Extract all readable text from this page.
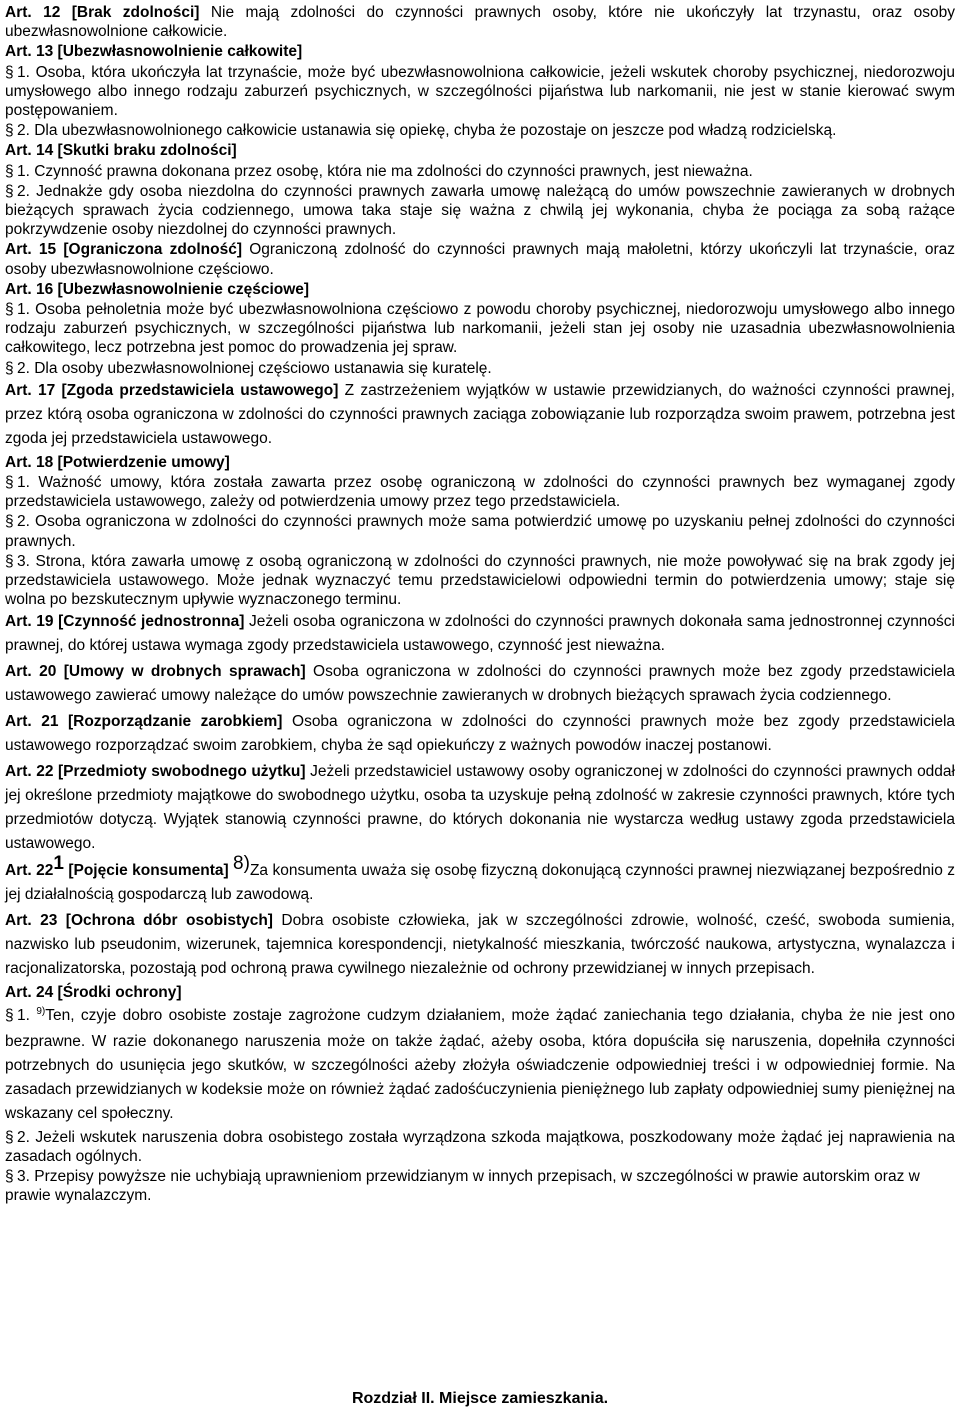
Art. 12 [Brak zdolności] Nie mają zdolności do czynności prawnych osoby, które nie ukończyły lat trzynastu, oraz osoby ubezwłasnowolnione całkowicie.

Art. 13 [Ubezwłasnowolnienie całkowite]

§ 1. Osoba, która ukończyła lat trzynaście, może być ubezwłasnowolniona całkowicie, jeżeli wskutek choroby psychicznej, niedorozwoju umysłowego albo innego rodzaju zaburzeń psychicznych, w szczególności pijaństwa lub narkomanii, nie jest w stanie kierować swym postępowaniem.

§ 2. Dla ubezwłasnowolnionego całkowicie ustanawia się opiekę, chyba że pozostaje on jeszcze pod władzą rodzicielską.

Art. 14 [Skutki braku zdolności]

§ 1. Czynność prawna dokonana przez osobę, która nie ma zdolności do czynności prawnych, jest nieważna.

§ 2. Jednakże gdy osoba niezdolna do czynności prawnych zawarła umowę należącą do umów powszechnie zawieranych w drobnych bieżących sprawach życia codziennego, umowa taka staje się ważna z chwilą jej wykonania, chyba że pociąga za sobą rażące pokrzywdzenie osoby niezdolnej do czynności prawnych.

Art. 15 [Ograniczona zdolność] Ograniczoną zdolność do czynności prawnych mają małoletni, którzy ukończyli lat trzynaście, oraz osoby ubezwłasnowolnione częściowo.

Art. 16 [Ubezwłasnowolnienie częściowe]

§ 1. Osoba pełnoletnia może być ubezwłasnowolniona częściowo z powodu choroby psychicznej, niedorozwoju umysłowego albo innego rodzaju zaburzeń psychicznych, w szczególności pijaństwa lub narkomanii, jeżeli stan jej osoby nie uzasadnia ubezwłasnowolnienia całkowitego, lecz potrzebna jest pomoc do prowadzenia jej spraw.

§ 2. Dla osoby ubezwłasnowolnionej częściowo ustanawia się kuratelę.

Art. 17 [Zgoda przedstawiciela ustawowego] Z zastrzeżeniem wyjątków w ustawie przewidzianych, do ważności czynności prawnej, przez którą osoba ograniczona w zdolności do czynności prawnych zaciąga zobowiązanie lub rozporządza swoim prawem, potrzebna jest zgoda jej przedstawiciela ustawowego.

Art. 18 [Potwierdzenie umowy]

§ 1. Ważność umowy, która została zawarta przez osobę ograniczoną w zdolności do czynności prawnych bez wymaganej zgody przedstawiciela ustawowego, zależy od potwierdzenia umowy przez tego przedstawiciela.

§ 2. Osoba ograniczona w zdolności do czynności prawnych może sama potwierdzić umowę po uzyskaniu pełnej zdolności do czynności prawnych.

§ 3. Strona, która zawarła umowę z osobą ograniczoną w zdolności do czynności prawnych, nie może powoływać się na brak zgody jej przedstawiciela ustawowego. Może jednak wyznaczyć temu przedstawicielowi odpowiedni termin do potwierdzenia umowy; staje się wolna po bezskutecznym upływie wyznaczonego terminu.

Art. 19 [Czynność jednostronna] Jeżeli osoba ograniczona w zdolności do czynności prawnych dokonała sama jednostronnej czynności prawnej, do której ustawa wymaga zgody przedstawiciela ustawowego, czynność jest nieważna.

Art. 20 [Umowy w drobnych sprawach] Osoba ograniczona w zdolności do czynności prawnych może bez zgody przedstawiciela ustawowego zawierać umowy należące do umów powszechnie zawieranych w drobnych bieżących sprawach życia codziennego.

Art. 21 [Rozporządzanie zarobkiem] Osoba ograniczona w zdolności do czynności prawnych może bez zgody przedstawiciela ustawowego rozporządzać swoim zarobkiem, chyba że sąd opiekuńczy z ważnych powodów inaczej postanowi.

Art. 22 [Przedmioty swobodnego użytku] Jeżeli przedstawiciel ustawowy osoby ograniczonej w zdolności do czynności prawnych oddał jej określone przedmioty majątkowe do swobodnego użytku, osoba ta uzyskuje pełną zdolność w zakresie czynności prawnych, które tych przedmiotów dotyczą. Wyjątek stanowią czynności prawne, do których dokonania nie wystarcza według ustawy zgoda przedstawiciela ustawowego.

Art. 221 [Pojęcie konsumenta] 8)Za konsumenta uważa się osobę fizyczną dokonującą czynności prawnej niezwiązanej bezpośrednio z jej działalnością gospodarczą lub zawodową.

Art. 23 [Ochrona dóbr osobistych] Dobra osobiste człowieka, jak w szczególności zdrowie, wolność, cześć, swoboda sumienia, nazwisko lub pseudonim, wizerunek, tajemnica korespondencji, nietykalność mieszkania, twórczość naukowa, artystyczna, wynalazcza i racjonalizatorska, pozostają pod ochroną prawa cywilnego niezależnie od ochrony przewidzianej w innych przepisach.

Art. 24 [Środki ochrony]

§ 1. $^{9)}$Ten, czyje dobro osobiste zostaje zagrożone cudzym działaniem, może żądać zaniechania tego działania, chyba że nie jest ono bezprawne. W razie dokonanego naruszenia może on także żądać, ażeby osoba, która dopuściła się naruszenia, dopełniła czynności potrzebnych do usunięcia jego skutków, w szczególności ażeby złożyła oświadczenie odpowiedniej treści i w odpowiedniej formie. Na zasadach przewidzianych w kodeksie może on również żądać zadośćuczynienia pieniężnego lub zapłaty odpowiedniej sumy pieniężnej na wskazany cel społeczny.

§ 2. Jeżeli wskutek naruszenia dobra osobistego została wyrządzona szkoda majątkowa, poszkodowany może żądać jej naprawienia na zasadach ogólnych.

§ 3. Przepisy powyższe nie uchybiają uprawnieniom przewidzianym w innych przepisach, w szczególności w prawie autorskim oraz w prawie wynalazczym.

Rozdział II. Miejsce zamieszkania.
